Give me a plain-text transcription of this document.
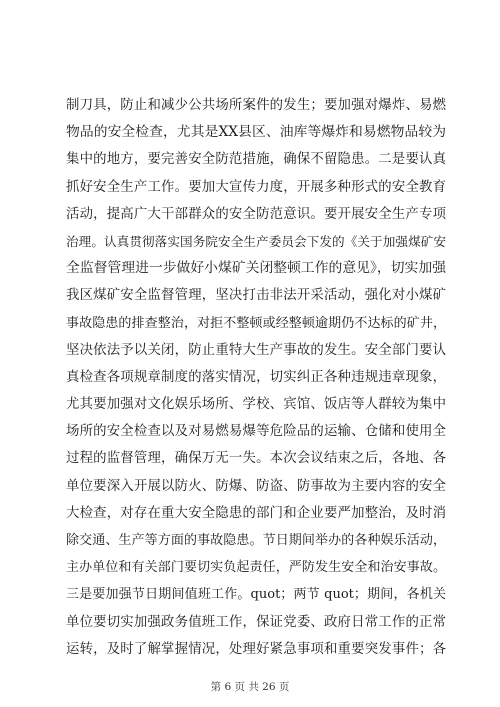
制刀具，防止和减少公共场所案件的发生；要加强对爆炸、易燃
物品的安全检查，尤其是XX县区、油库等爆炸和易燃物品较为
集中的地方，要完善安全防范措施，确保不留隐患。二是要认真
抓好安全生产工作。要加大宣传力度，开展多种形式的安全教育
活动，提高广大干部群众的安全防范意识。要开展安全生产专项
治理。认真贯彻落实国务院安全生产委员会下发的《关于加强煤矿安
全监督管理进一步做好小煤矿关闭整顿工作的意见》，切实加强
我区煤矿安全监督管理，坚决打击非法开采活动，强化对小煤矿
事故隐患的排查整治，对拒不整顿或经整顿逾期仍不达标的矿井，
坚决依法予以关闭，防止重特大生产事故的发生。安全部门要认
真检查各项规章制度的落实情况，切实纠正各种违规违章现象，
尤其要加强对文化娱乐场所、学校、宾馆、饭店等人群较为集中
场所的安全检查以及对易燃易爆等危险品的运输、仓储和使用全
过程的监督管理，确保万无一失。本次会议结束之后，各地、各
单位要深入开展以防火、防爆、防盗、防事故为主要内容的安全
大检查，对存在重大安全隐患的部门和企业要严加整治，及时消
除交通、生产等方面的事故隐患。节日期间举办的各种娱乐活动，
主办单位和有关部门要切实负起责任，严防发生安全和治安事故。
三是要加强节日期间值班工作。quot；两节 quot；期间，各机关
单位要切实加强政务值班工作，保证党委、政府日常工作的正常
运转，及时了解掌握情况，处理好紧急事项和重要突发事件；各
第 6 页 共 26 页
